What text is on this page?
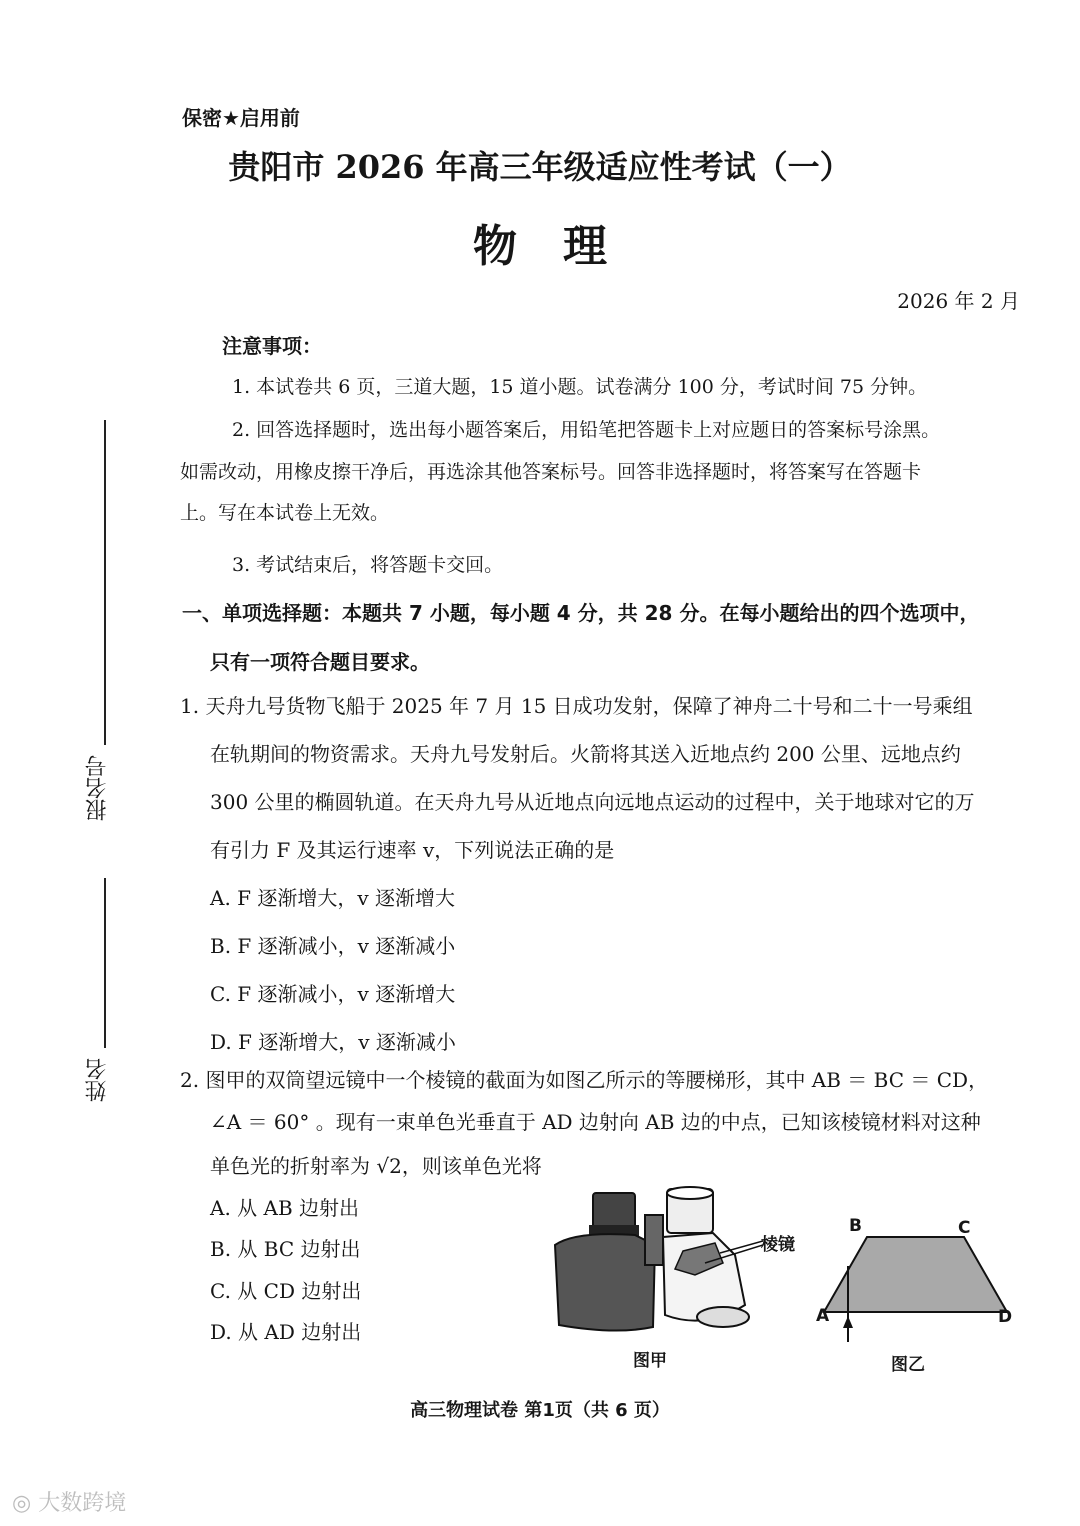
保密★启用前
贵阳市 2026 年高三年级适应性考试（一）
物理
2026 年 2 月
注意事项：
1. 本试卷共 6 页，三道大题，15 道小题。试卷满分 100 分，考试时间 75 分钟。
2. 回答选择题时，选出每小题答案后，用铅笔把答题卡上对应题日的答案标号涂黑。
如需改动，用橡皮擦干净后，再选涂其他答案标号。回答非选择题时，将答案写在答题卡
上。写在本试卷上无效。
3. 考试结束后，将答题卡交回。
一、单项选择题：本题共 7 小题，每小题 4 分，共 28 分。在每小题给出的四个选项中，
只有一项符合题目要求。
1. 天舟九号货物飞船于 2025 年 7 月 15 日成功发射，保障了神舟二十号和二十一号乘组
在轨期间的物资需求。天舟九号发射后。火箭将其送入近地点约 200 公里、远地点约
300 公里的椭圆轨道。在天舟九号从近地点向远地点运动的过程中，关于地球对它的万
有引力 F 及其运行速率 v，下列说法正确的是
A. F 逐渐增大，v 逐渐增大
B. F 逐渐减小，v 逐渐减小
C. F 逐渐减小，v 逐渐增大
D. F 逐渐增大，v 逐渐减小
2. 图甲的双筒望远镜中一个棱镜的截面为如图乙所示的等腰梯形，其中 AB ＝ BC ＝ CD，
∠A ＝ 60° 。现有一束单色光垂直于 AD 边射向 AB 边的中点，已知该棱镜材料对这种
单色光的折射率为 √2，则该单色光将
A. 从 AB 边射出
B. 从 BC 边射出
C. 从 CD 边射出
D. 从 AD 边射出
棱镜
图甲
B	C
A	D
图乙
报名号
姓名
高三物理试卷 第1页（共 6 页）
◎ 大数跨境
